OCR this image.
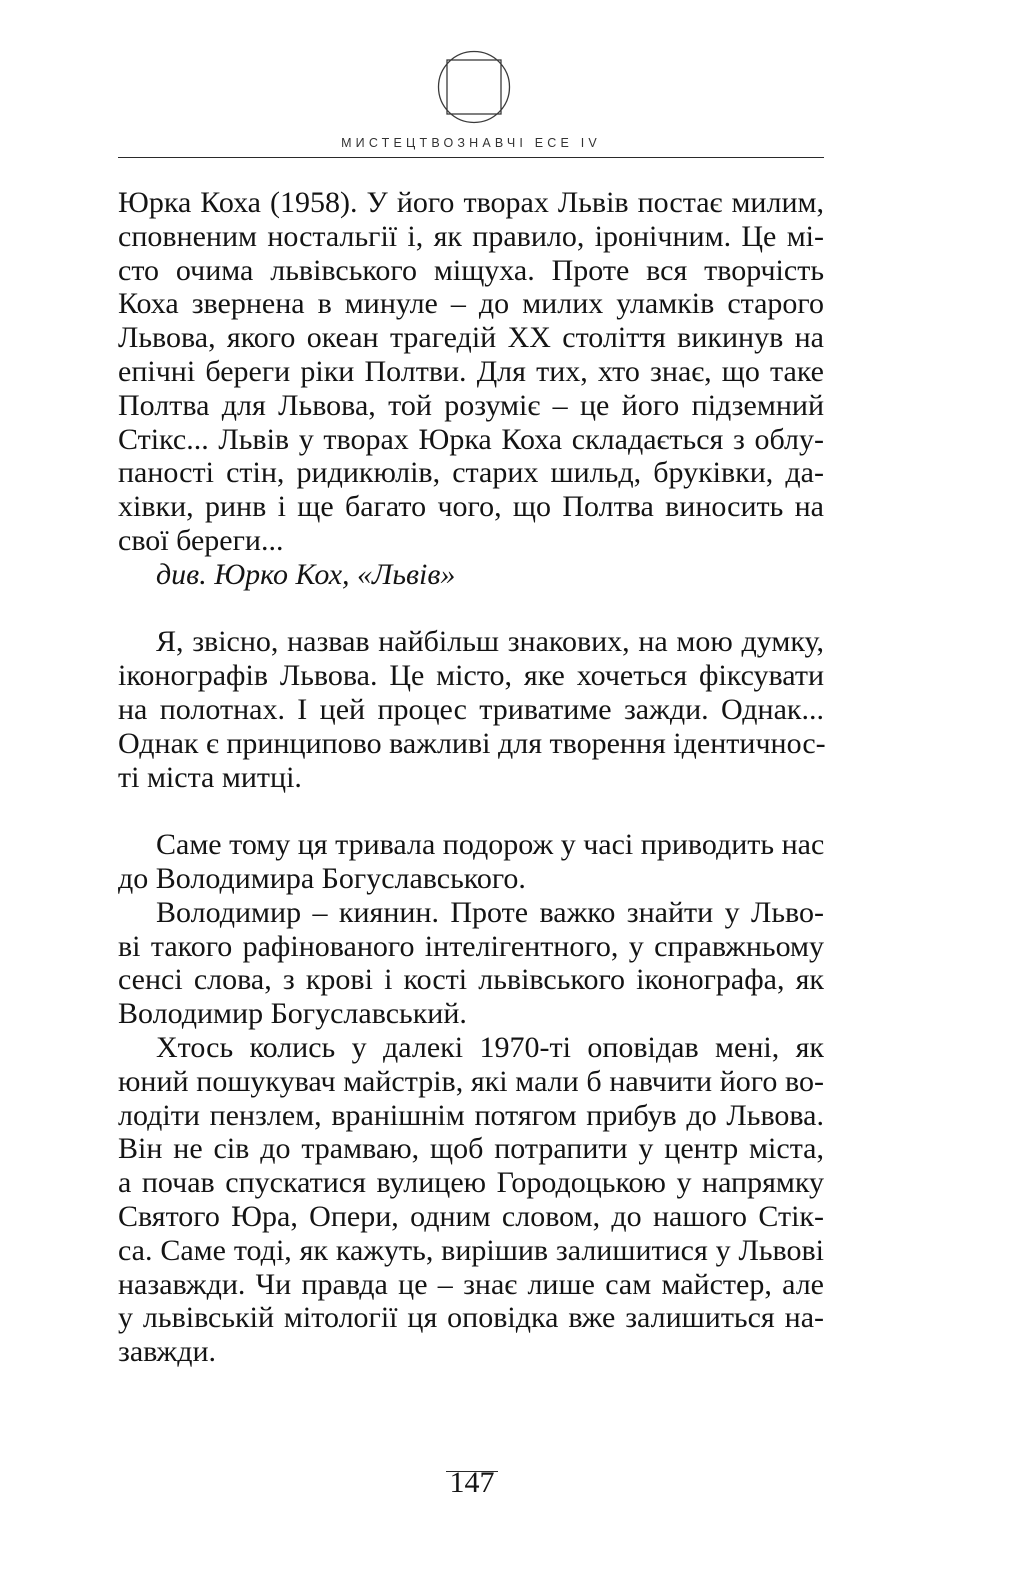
МИСТЕЦТВОЗНАВЧІ ЕСЕ IV
Юрка Коха (1958). У його творах Львів постає милим,
сповненим ностальгії і, як правило, іронічним. Це мі-
сто очима львівського міщуха. Проте вся творчість
Коха звернена в минуле – до милих уламків старого
Львова, якого океан трагедій XX століття викинув на
епічні береги ріки Полтви. Для тих, хто знає, що таке
Полтва для Львова, той розуміє – це його підземний
Стікс... Львів у творах Юрка Коха складається з облу-
паності стін, ридикюлів, старих шильд, бруківки, да-
хівки, ринв і ще багато чого, що Полтва виносить на
свої береги...
див. Юрко Кох, «Львів»
Я, звісно, назвав найбільш знакових, на мою думку,
іконографів Львова. Це місто, яке хочеться фіксувати
на полотнах. І цей процес триватиме зажди. Однак...
Однак є принципово важливі для творення ідентичнос-
ті міста митці.
Саме тому ця тривала подорож у часі приводить нас
до Володимира Богуславського.
Володимир – киянин. Проте важко знайти у Льво-
ві такого рафінованого інтелігентного, у справжньому
сенсі слова, з крові і кості львівського іконографа, як
Володимир Богуславський.
Хтось колись у далекі 1970-ті оповідав мені, як
юний пошукувач майстрів, які мали б навчити його во-
лодіти пензлем, вранішнім потягом прибув до Львова.
Він не сів до трамваю, щоб потрапити у центр міста,
а почав спускатися вулицею Городоцькою у напрямку
Святого Юра, Опери, одним словом, до нашого Стік-
са. Саме тоді, як кажуть, вирішив залишитися у Львові
назавжди. Чи правда це – знає лише сам майстер, але
у львівській мітології ця оповідка вже залишиться на-
завжди.
147
